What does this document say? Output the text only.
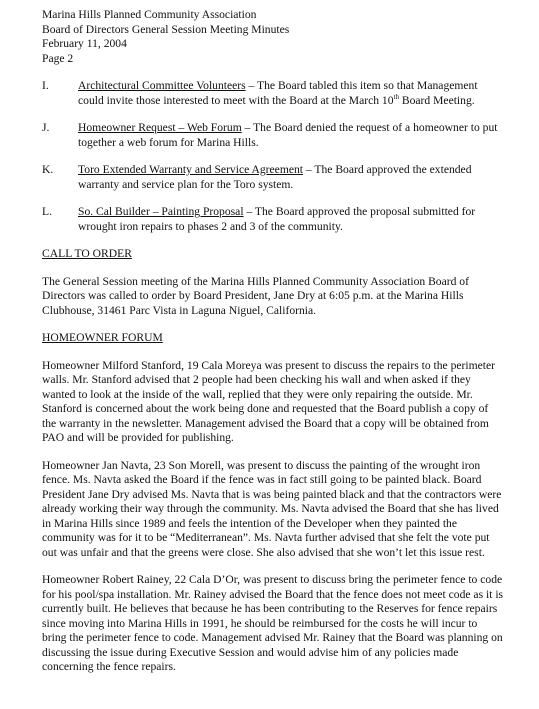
Marina Hills Planned Community Association
Board of Directors General Session Meeting Minutes
February 11, 2004
Page 2
I.	Architectural Committee Volunteers – The Board tabled this item so that Management could invite those interested to meet with the Board at the March 10th Board Meeting.
J.	Homeowner Request – Web Forum – The Board denied the request of a homeowner to put together a web forum for Marina Hills.
K.	Toro Extended Warranty and Service Agreement – The Board approved the extended warranty and service plan for the Toro system.
L.	So. Cal Builder – Painting Proposal – The Board approved the proposal submitted for wrought iron repairs to phases 2 and 3 of the community.
CALL TO ORDER
The General Session meeting of the Marina Hills Planned Community Association Board of Directors was called to order by Board President, Jane Dry at 6:05 p.m. at the Marina Hills Clubhouse, 31461 Parc Vista in Laguna Niguel, California.
HOMEOWNER FORUM
Homeowner Milford Stanford, 19 Cala Moreya was present to discuss the repairs to the perimeter walls. Mr. Stanford advised that 2 people had been checking his wall and when asked if they wanted to look at the inside of the wall, replied that they were only repairing the outside. Mr. Stanford is concerned about the work being done and requested that the Board publish a copy of the warranty in the newsletter. Management advised the Board that a copy will be obtained from PAO and will be provided for publishing.
Homeowner Jan Navta, 23 Son Morell, was present to discuss the painting of the wrought iron fence. Ms. Navta asked the Board if the fence was in fact still going to be painted black. Board President Jane Dry advised Ms. Navta that is was being painted black and that the contractors were already working their way through the community. Ms. Navta advised the Board that she has lived in Marina Hills since 1989 and feels the intention of the Developer when they painted the community was for it to be “Mediterranean”. Ms. Navta further advised that she felt the vote put out was unfair and that the greens were close. She also advised that she won’t let this issue rest.
Homeowner Robert Rainey, 22 Cala D’Or, was present to discuss bring the perimeter fence to code for his pool/spa installation. Mr. Rainey advised the Board that the fence does not meet code as it is currently built. He believes that because he has been contributing to the Reserves for fence repairs since moving into Marina Hills in 1991, he should be reimbursed for the costs he will incur to bring the perimeter fence to code. Management advised Mr. Rainey that the Board was planning on discussing the issue during Executive Session and would advise him of any policies made concerning the fence repairs.
